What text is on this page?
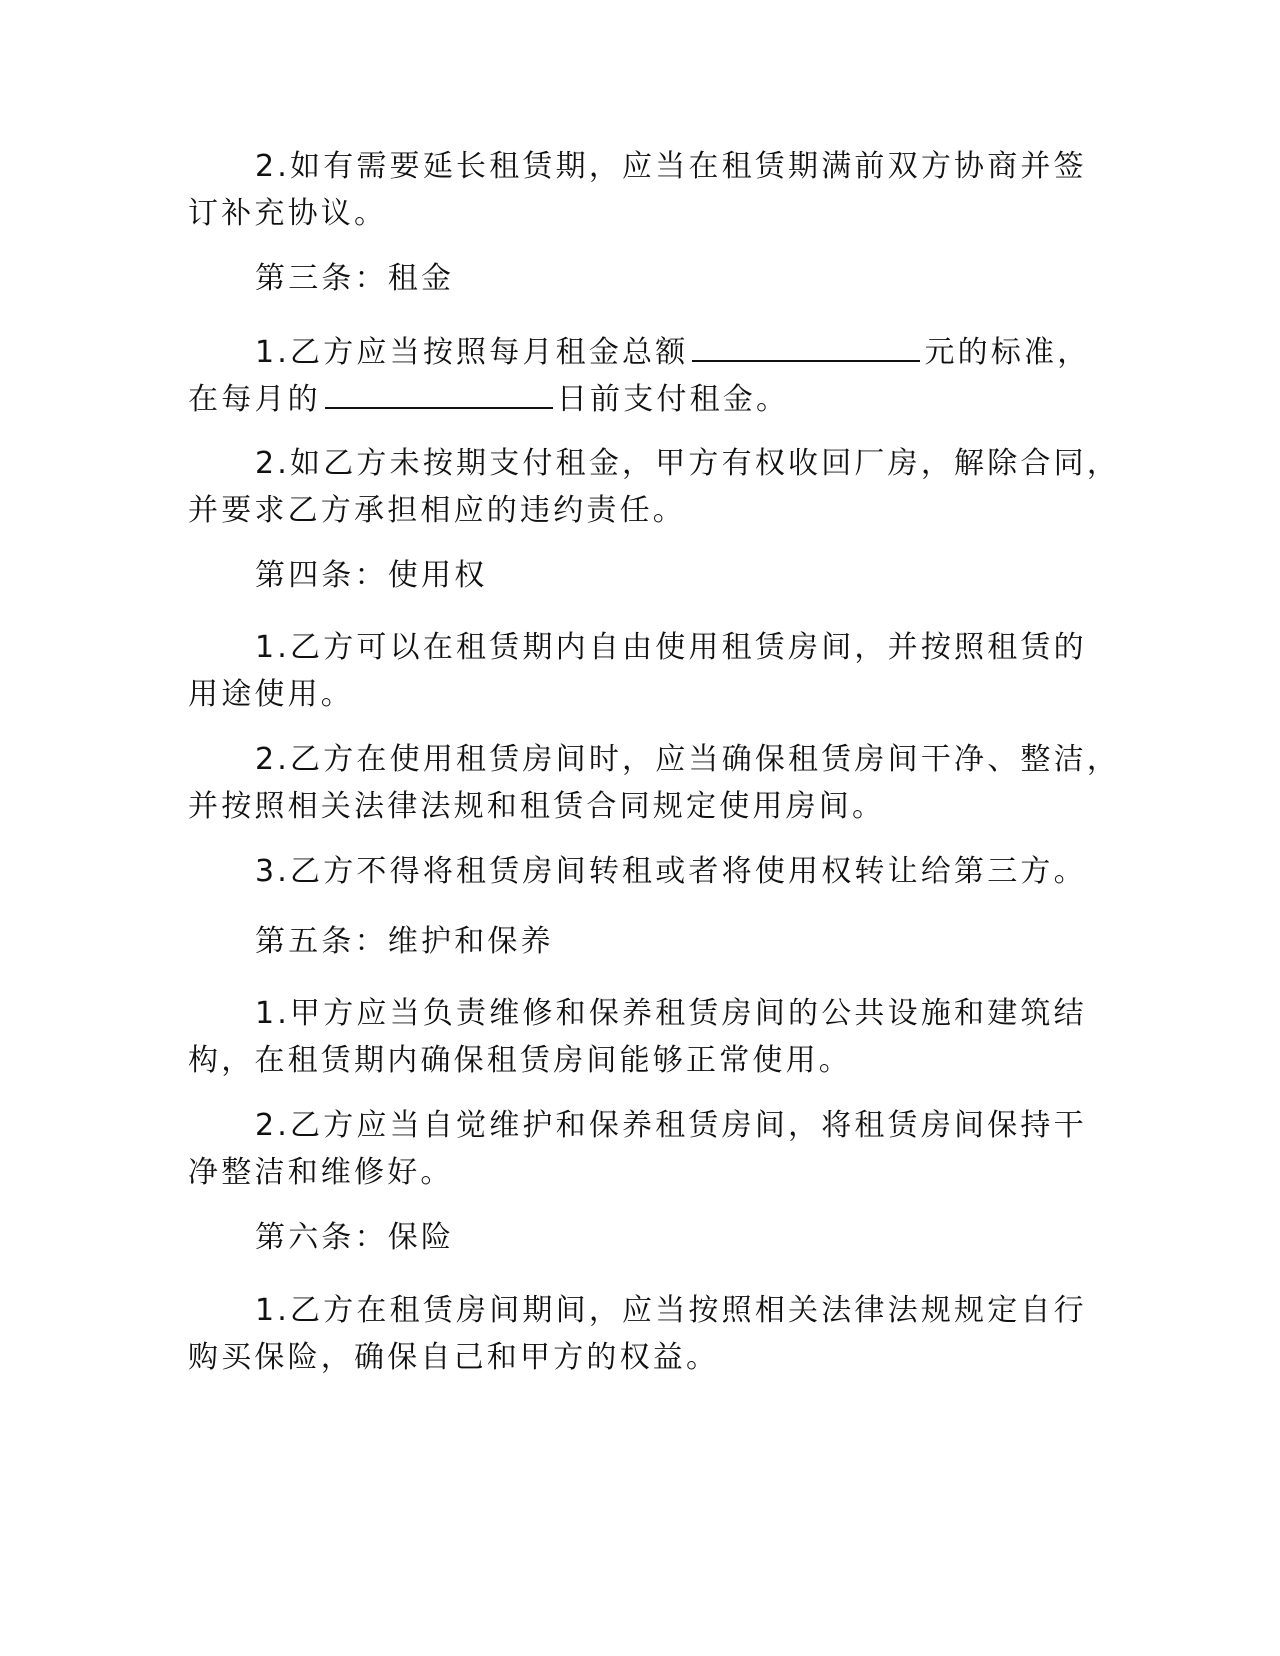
2.如有需要延长租赁期，应当在租赁期满前双方协商并签
订补充协议。

第三条：租金

1.乙方应当按照每月租金总额	元的标准，
在每月的	日前支付租金。

2.如乙方未按期支付租金，甲方有权收回厂房，解除合同，
并要求乙方承担相应的违约责任。

第四条：使用权

1.乙方可以在租赁期内自由使用租赁房间，并按照租赁的
用途使用。

2.乙方在使用租赁房间时，应当确保租赁房间干净、整洁，
并按照相关法律法规和租赁合同规定使用房间。

3.乙方不得将租赁房间转租或者将使用权转让给第三方。

第五条：维护和保养

1.甲方应当负责维修和保养租赁房间的公共设施和建筑结
构，在租赁期内确保租赁房间能够正常使用。

2.乙方应当自觉维护和保养租赁房间，将租赁房间保持干
净整洁和维修好。

第六条：保险

1.乙方在租赁房间期间，应当按照相关法律法规规定自行
购买保险，确保自己和甲方的权益。
